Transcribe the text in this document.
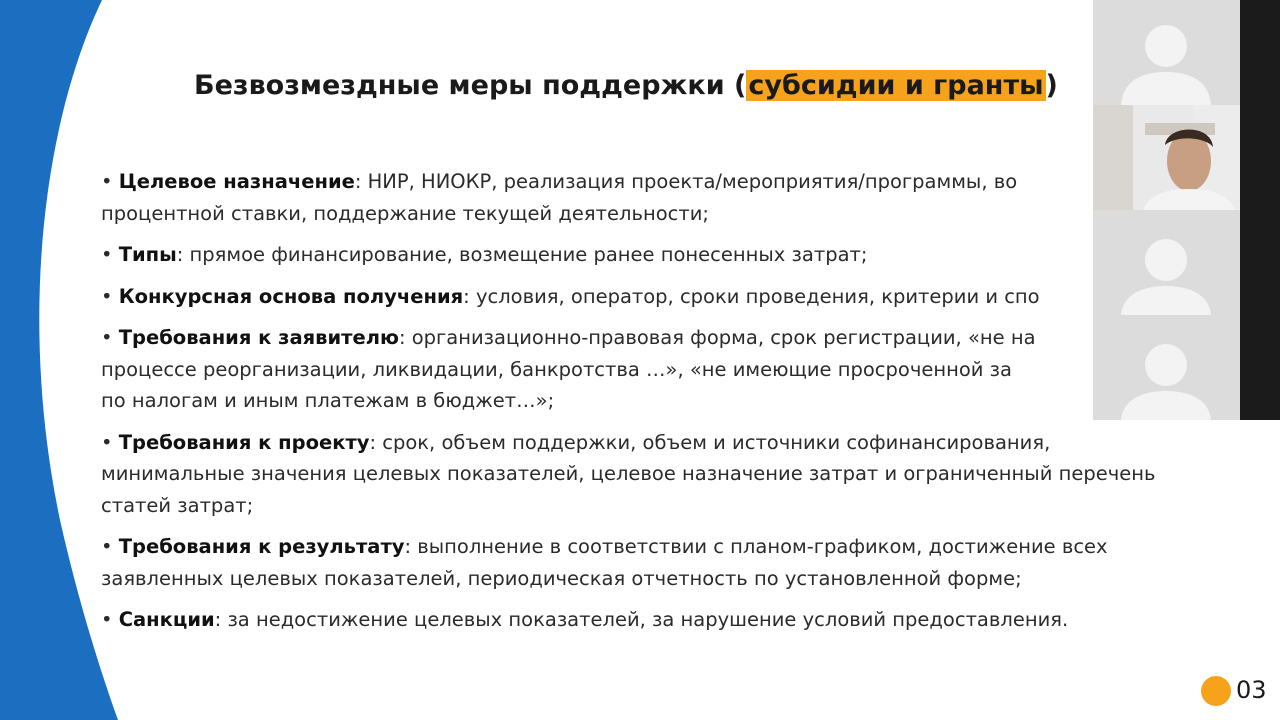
Безвозмездные меры поддержки (субсидии и гранты)
• Целевое назначение: НИР, НИОКР, реализация проекта/мероприятия/программы, во
процентной ставки, поддержание текущей деятельности;
• Типы: прямое финансирование, возмещение ранее понесенных затрат;
• Конкурсная основа получения: условия, оператор, сроки проведения, критерии и спо
• Требования к заявителю: организационно-правовая форма, срок регистрации, «не на
процессе реорганизации, ликвидации, банкротства …», «не имеющие просроченной за
по налогам и иным платежам в бюджет…»;
• Требования к проекту: срок, объем поддержки, объем и источники софинансирования,
минимальные значения целевых показателей, целевое назначение затрат и ограниченный перечень
статей затрат;
• Требования к результату: выполнение в соответствии с планом-графиком, достижение всех
заявленных целевых показателей, периодическая отчетность по установленной форме;
• Санкции: за недостижение целевых показателей, за нарушение условий предоставления.
03
